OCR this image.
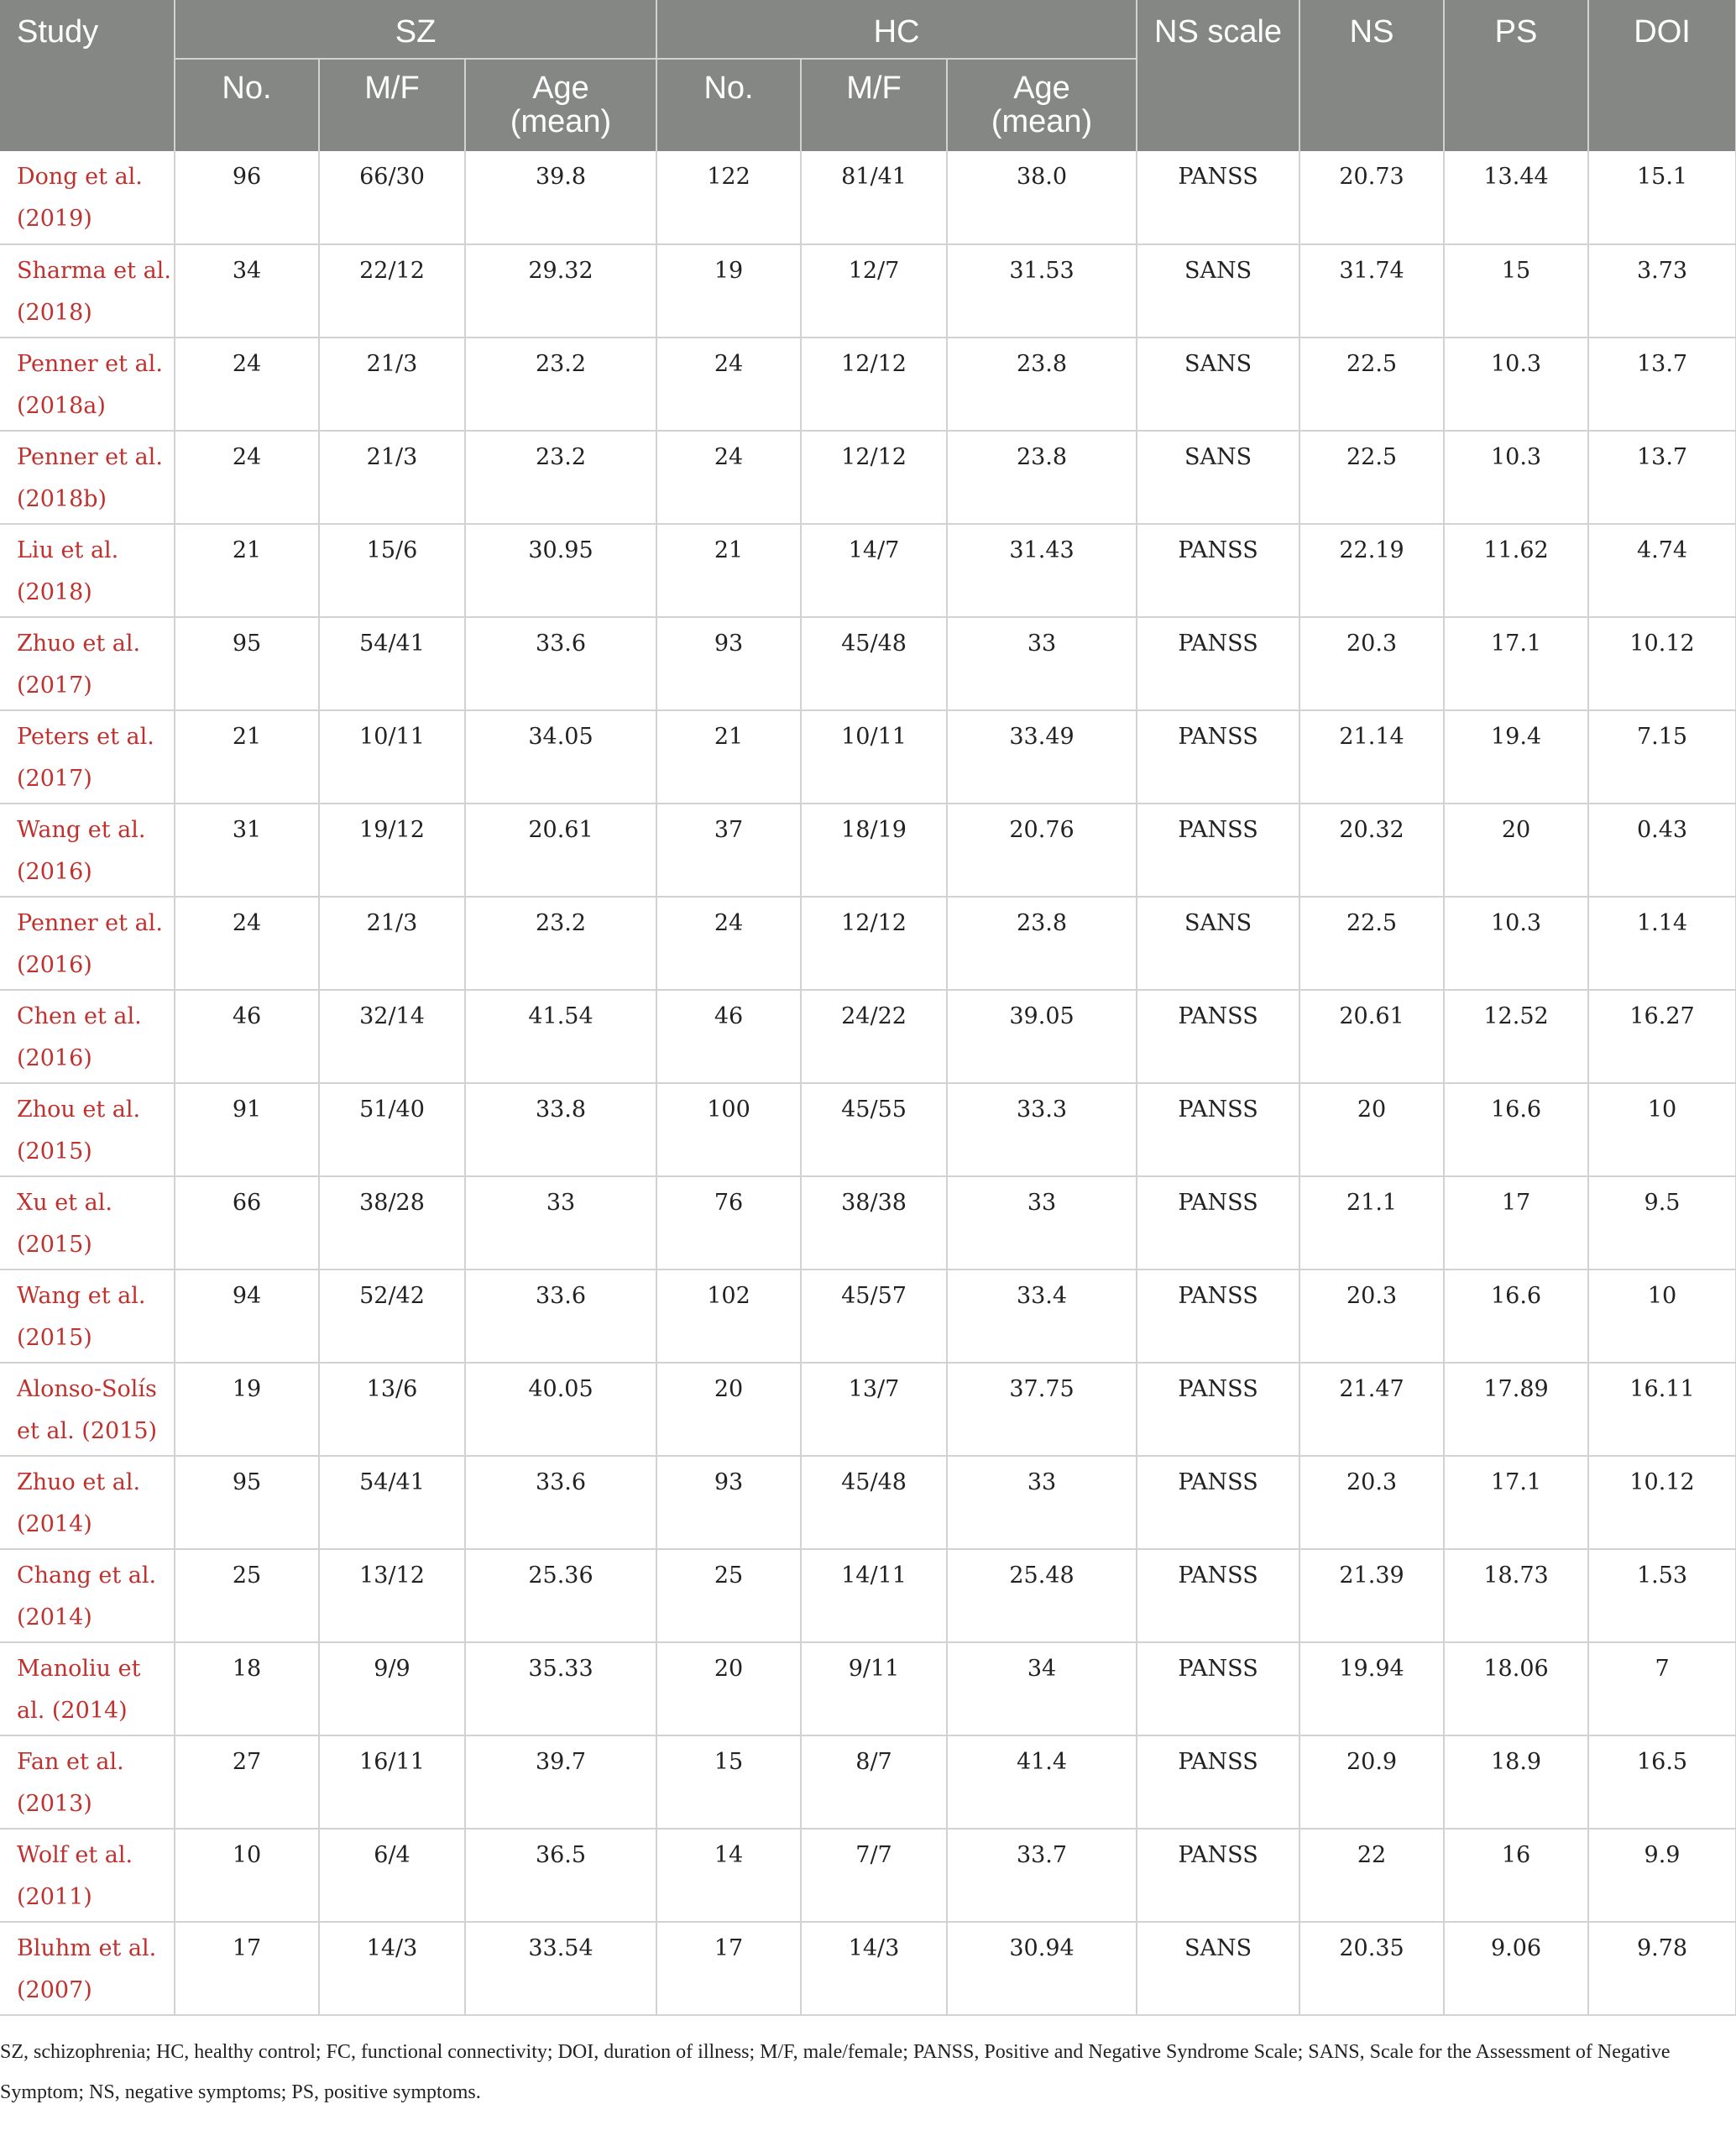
Study	SZ			HC			NS scale	NS	PS	DOI
	No.	M/F	Age (mean)	No.	M/F	Age (mean)				
Dong et al. (2019)	96	66/30	39.8	122	81/41	38.0	PANSS	20.73	13.44	15.1
Sharma et al. (2018)	34	22/12	29.32	19	12/7	31.53	SANS	31.74	15	3.73
Penner et al. (2018a)	24	21/3	23.2	24	12/12	23.8	SANS	22.5	10.3	13.7
Penner et al. (2018b)	24	21/3	23.2	24	12/12	23.8	SANS	22.5	10.3	13.7
Liu et al. (2018)	21	15/6	30.95	21	14/7	31.43	PANSS	22.19	11.62	4.74
Zhuo et al. (2017)	95	54/41	33.6	93	45/48	33	PANSS	20.3	17.1	10.12
Peters et al. (2017)	21	10/11	34.05	21	10/11	33.49	PANSS	21.14	19.4	7.15
Wang et al. (2016)	31	19/12	20.61	37	18/19	20.76	PANSS	20.32	20	0.43
Penner et al. (2016)	24	21/3	23.2	24	12/12	23.8	SANS	22.5	10.3	1.14
Chen et al. (2016)	46	32/14	41.54	46	24/22	39.05	PANSS	20.61	12.52	16.27
Zhou et al. (2015)	91	51/40	33.8	100	45/55	33.3	PANSS	20	16.6	10
Xu et al. (2015)	66	38/28	33	76	38/38	33	PANSS	21.1	17	9.5
Wang et al. (2015)	94	52/42	33.6	102	45/57	33.4	PANSS	20.3	16.6	10
Alonso-Solís et al. (2015)	19	13/6	40.05	20	13/7	37.75	PANSS	21.47	17.89	16.11
Zhuo et al. (2014)	95	54/41	33.6	93	45/48	33	PANSS	20.3	17.1	10.12
Chang et al. (2014)	25	13/12	25.36	25	14/11	25.48	PANSS	21.39	18.73	1.53
Manoliu et al. (2014)	18	9/9	35.33	20	9/11	34	PANSS	19.94	18.06	7
Fan et al. (2013)	27	16/11	39.7	15	8/7	41.4	PANSS	20.9	18.9	16.5
Wolf et al. (2011)	10	6/4	36.5	14	7/7	33.7	PANSS	22	16	9.9
Bluhm et al. (2007)	17	14/3	33.54	17	14/3	30.94	SANS	20.35	9.06	9.78
SZ, schizophrenia; HC, healthy control; FC, functional connectivity; DOI, duration of illness; M/F, male/female; PANSS, Positive and Negative Syndrome Scale; SANS, Scale for the Assessment of Negative Symptom; NS, negative symptoms; PS, positive symptoms.
